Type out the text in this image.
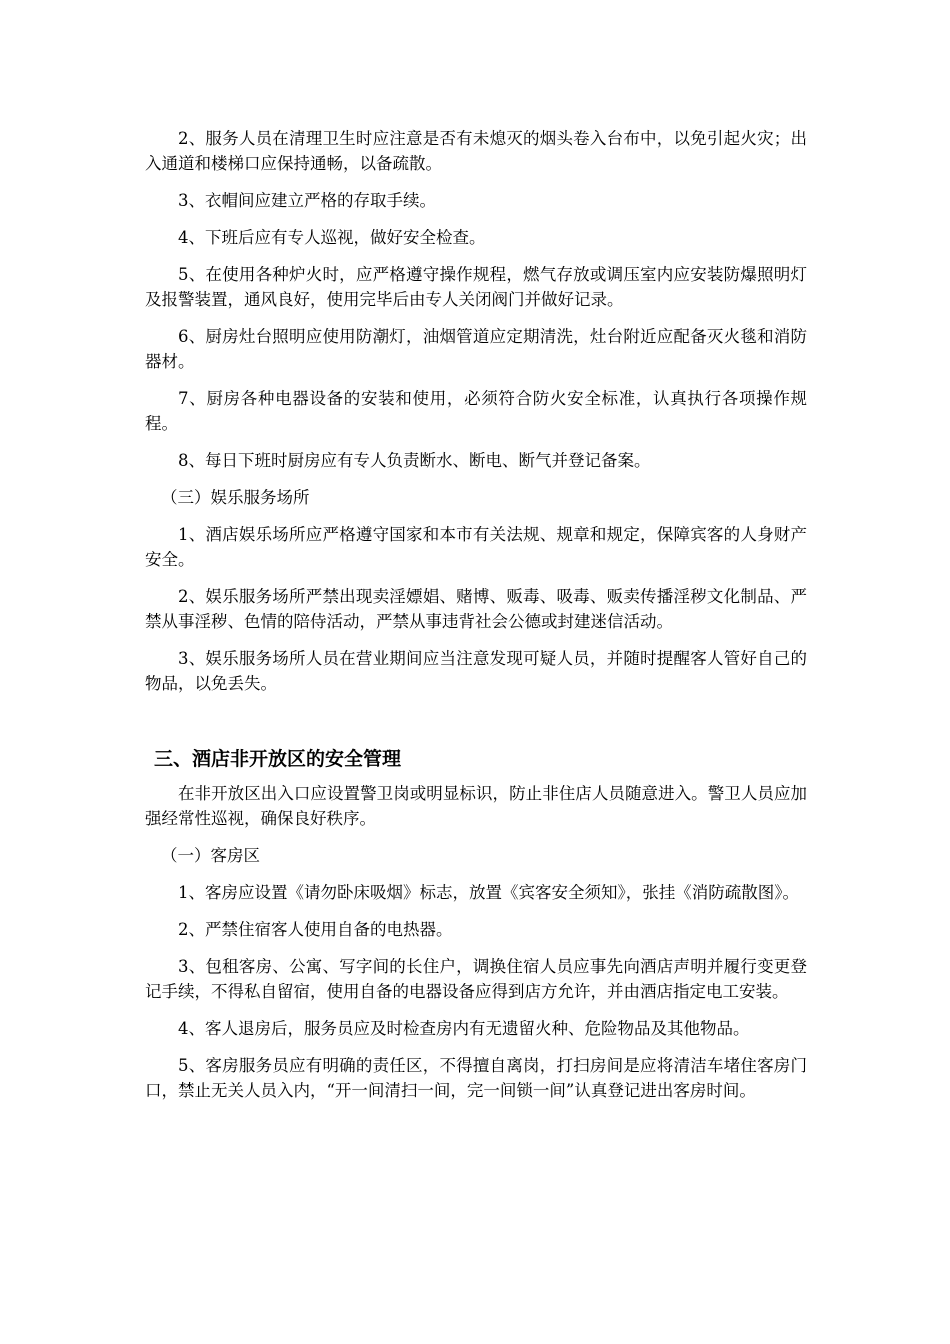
2、服务人员在清理卫生时应注意是否有未熄灭的烟头卷入台布中，以免引起火灾；出入通道和楼梯口应保持通畅，以备疏散。

3、衣帽间应建立严格的存取手续。

4、下班后应有专人巡视，做好安全检查。

5、在使用各种炉火时，应严格遵守操作规程，燃气存放或调压室内应安装防爆照明灯及报警装置，通风良好，使用完毕后由专人关闭阀门并做好记录。

6、厨房灶台照明应使用防潮灯，油烟管道应定期清洗，灶台附近应配备灭火毯和消防器材。

7、厨房各种电器设备的安装和使用，必须符合防火安全标准，认真执行各项操作规程。

8、每日下班时厨房应有专人负责断水、断电、断气并登记备案。

（三）娱乐服务场所

1、酒店娱乐场所应严格遵守国家和本市有关法规、规章和规定，保障宾客的人身财产安全。

2、娱乐服务场所严禁出现卖淫嫖娼、赌博、贩毒、吸毒、贩卖传播淫秽文化制品、严禁从事淫秽、色情的陪侍活动，严禁从事违背社会公德或封建迷信活动。

3、娱乐服务场所人员在营业期间应当注意发现可疑人员，并随时提醒客人管好自己的物品，以免丢失。

三、酒店非开放区的安全管理

在非开放区出入口应设置警卫岗或明显标识，防止非住店人员随意进入。警卫人员应加强经常性巡视，确保良好秩序。

（一）客房区

1、客房应设置《请勿卧床吸烟》标志，放置《宾客安全须知》，张挂《消防疏散图》。

2、严禁住宿客人使用自备的电热器。

3、包租客房、公寓、写字间的长住户，调换住宿人员应事先向酒店声明并履行变更登记手续，不得私自留宿，使用自备的电器设备应得到店方允许，并由酒店指定电工安装。

4、客人退房后，服务员应及时检查房内有无遗留火种、危险物品及其他物品。

5、客房服务员应有明确的责任区，不得擅自离岗，打扫房间是应将清洁车堵住客房门口，禁止无关人员入内，“开一间清扫一间，完一间锁一间”认真登记进出客房时间。
